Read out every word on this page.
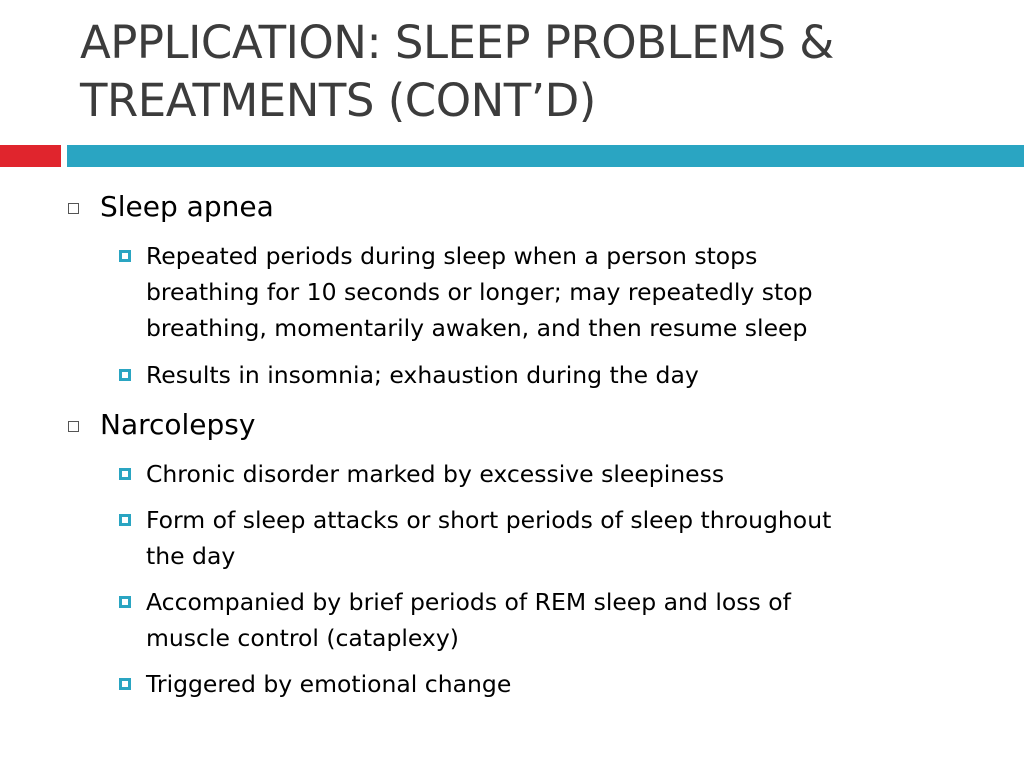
APPLICATION: SLEEP PROBLEMS &
TREATMENTS (CONT’D)
Sleep apnea
Repeated periods during sleep when a person stops
breathing for 10 seconds or longer; may repeatedly stop
breathing, momentarily awaken, and then resume sleep
Results in insomnia; exhaustion during the day
Narcolepsy
Chronic disorder marked by excessive sleepiness
Form of sleep attacks or short periods of sleep throughout
the day
Accompanied by brief periods of REM sleep and loss of
muscle control (cataplexy)
Triggered by emotional change
